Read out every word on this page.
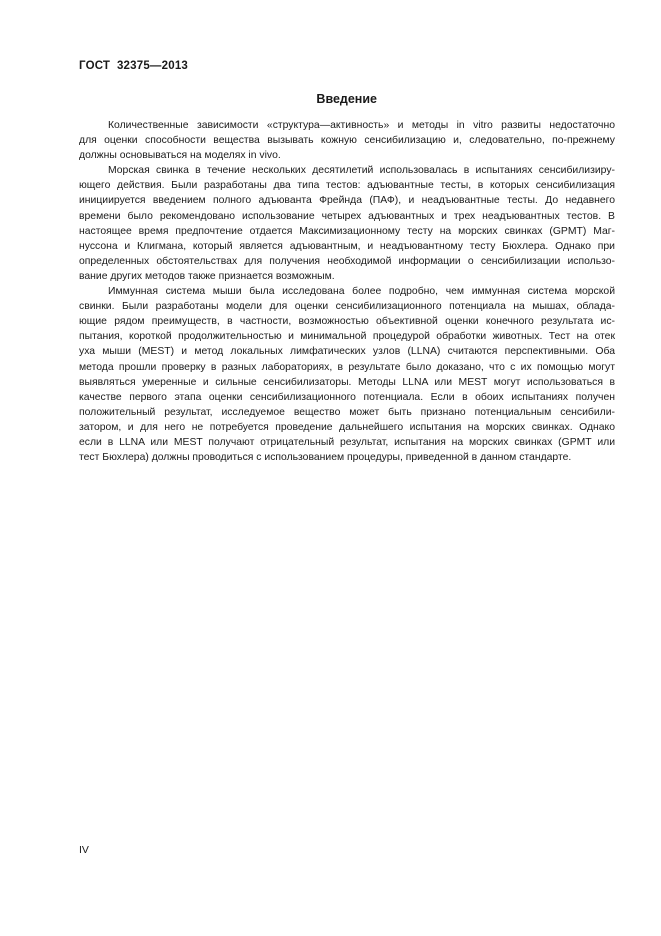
ГОСТ  32375—2013
Введение
Количественные зависимости «структура—активность» и методы in vitro развиты недостаточно
для оценки способности вещества вызывать кожную сенсибилизацию и, следовательно, по-прежнему
должны основываться на моделях in vivo.
Морская свинка в течение нескольких десятилетий использовалась в испытаниях сенсибилизиру-
ющего действия. Были разработаны два типа тестов: адъювантные тесты, в которых сенсибилизация
инициируется введением полного адъюванта Фрейнда (ПАФ), и неадъювантные тесты. До недавнего
времени было рекомендовано использование четырех адъювантных и трех неадъювантных тестов. В
настоящее время предпочтение отдается Максимизационному тесту на морских свинках (GPMT) Маг-
нуссона и Клигмана, который является адъювантным, и неадъювантному тесту Бюхлера. Однако при
определенных обстоятельствах для получения необходимой информации о сенсибилизации использо-
вание других методов также признается возможным.
Иммунная система мыши была исследована более подробно, чем иммунная система морской
свинки. Были разработаны модели для оценки сенсибилизационного потенциала на мышах, облада-
ющие рядом преимуществ, в частности, возможностью объективной оценки конечного результата ис-
пытания, короткой продолжительностью и минимальной процедурой обработки животных. Тест на отек
уха мыши (MEST) и метод локальных лимфатических узлов (LLNA) считаются перспективными. Оба
метода прошли проверку в разных лабораториях, в результате было доказано, что с их помощью могут
выявляться умеренные и сильные сенсибилизаторы. Методы LLNA или MEST могут использоваться в
качестве первого этапа оценки сенсибилизационного потенциала. Если в обоих испытаниях получен
положительный результат, исследуемое вещество может быть признано потенциальным сенсибили-
затором, и для него не потребуется проведение дальнейшего испытания на морских свинках. Однако
если в LLNA или MEST получают отрицательный результат, испытания на морских свинках (GPMT или
тест Бюхлера) должны проводиться с использованием процедуры, приведенной в данном стандарте.
IV
